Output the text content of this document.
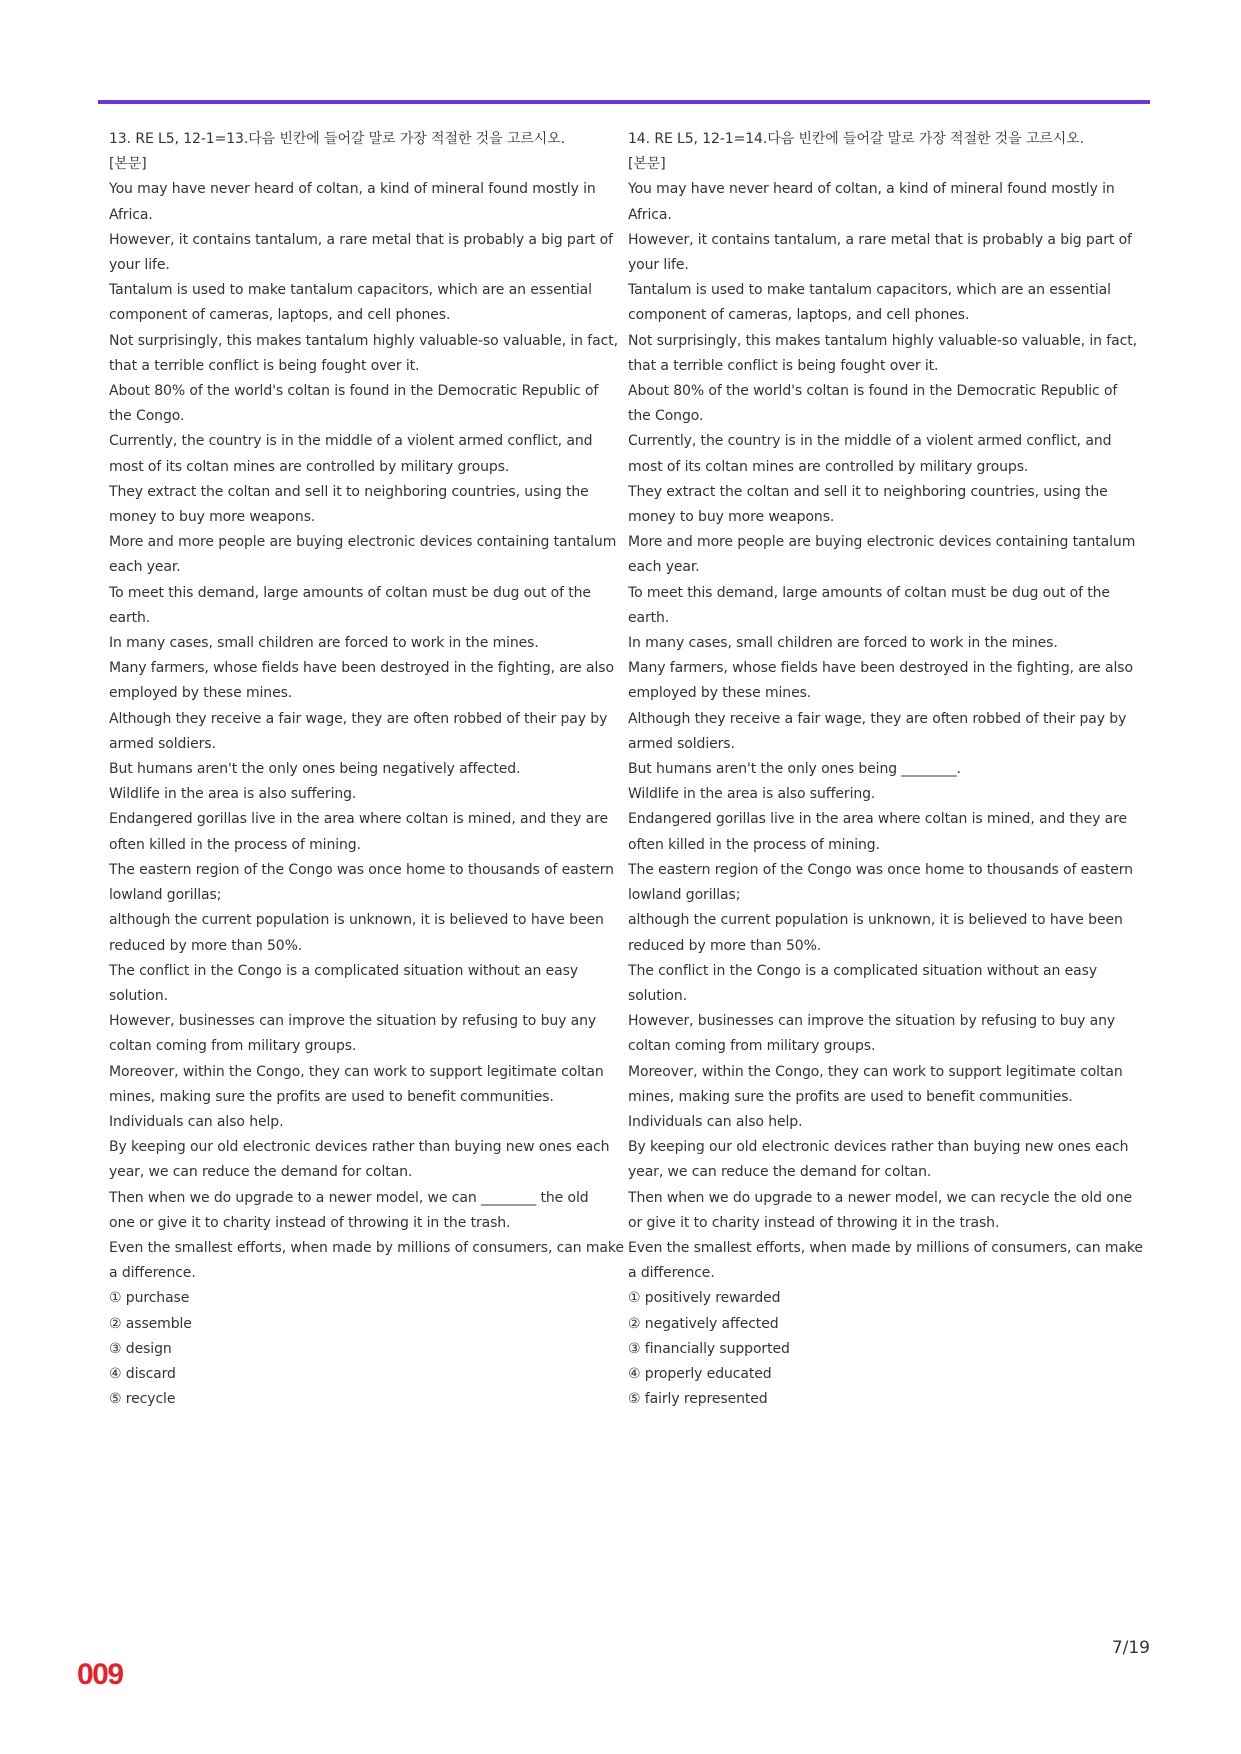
13. RE L5, 12-1=13.다음 빈칸에 들어갈 말로 가장 적절한 것을 고르시오.
[본문]
You may have never heard of coltan, a kind of mineral found mostly in
Africa.
However, it contains tantalum, a rare metal that is probably a big part of
your life.
Tantalum is used to make tantalum capacitors, which are an essential
component of cameras, laptops, and cell phones.
Not surprisingly, this makes tantalum highly valuable-so valuable, in fact,
that a terrible conflict is being fought over it.
About 80% of the world's coltan is found in the Democratic Republic of
the Congo.
Currently, the country is in the middle of a violent armed conflict, and
most of its coltan mines are controlled by military groups.
They extract the coltan and sell it to neighboring countries, using the
money to buy more weapons.
More and more people are buying electronic devices containing tantalum
each year.
To meet this demand, large amounts of coltan must be dug out of the
earth.
In many cases, small children are forced to work in the mines.
Many farmers, whose fields have been destroyed in the fighting, are also
employed by these mines.
Although they receive a fair wage, they are often robbed of their pay by
armed soldiers.
But humans aren't the only ones being negatively affected.
Wildlife in the area is also suffering.
Endangered gorillas live in the area where coltan is mined, and they are
often killed in the process of mining.
The eastern region of the Congo was once home to thousands of eastern
lowland gorillas;
although the current population is unknown, it is believed to have been
reduced by more than 50%.
The conflict in the Congo is a complicated situation without an easy
solution.
However, businesses can improve the situation by refusing to buy any
coltan coming from military groups.
Moreover, within the Congo, they can work to support legitimate coltan
mines, making sure the profits are used to benefit communities.
Individuals can also help.
By keeping our old electronic devices rather than buying new ones each
year, we can reduce the demand for coltan.
Then when we do upgrade to a newer model, we can ________ the old
one or give it to charity instead of throwing it in the trash.
Even the smallest efforts, when made by millions of consumers, can make
a difference.
① purchase
② assemble
③ design
④ discard
⑤ recycle
14. RE L5, 12-1=14.다음 빈칸에 들어갈 말로 가장 적절한 것을 고르시오.
[본문]
You may have never heard of coltan, a kind of mineral found mostly in
Africa.
However, it contains tantalum, a rare metal that is probably a big part of
your life.
Tantalum is used to make tantalum capacitors, which are an essential
component of cameras, laptops, and cell phones.
Not surprisingly, this makes tantalum highly valuable-so valuable, in fact,
that a terrible conflict is being fought over it.
About 80% of the world's coltan is found in the Democratic Republic of
the Congo.
Currently, the country is in the middle of a violent armed conflict, and
most of its coltan mines are controlled by military groups.
They extract the coltan and sell it to neighboring countries, using the
money to buy more weapons.
More and more people are buying electronic devices containing tantalum
each year.
To meet this demand, large amounts of coltan must be dug out of the
earth.
In many cases, small children are forced to work in the mines.
Many farmers, whose fields have been destroyed in the fighting, are also
employed by these mines.
Although they receive a fair wage, they are often robbed of their pay by
armed soldiers.
But humans aren't the only ones being ________.
Wildlife in the area is also suffering.
Endangered gorillas live in the area where coltan is mined, and they are
often killed in the process of mining.
The eastern region of the Congo was once home to thousands of eastern
lowland gorillas;
although the current population is unknown, it is believed to have been
reduced by more than 50%.
The conflict in the Congo is a complicated situation without an easy
solution.
However, businesses can improve the situation by refusing to buy any
coltan coming from military groups.
Moreover, within the Congo, they can work to support legitimate coltan
mines, making sure the profits are used to benefit communities.
Individuals can also help.
By keeping our old electronic devices rather than buying new ones each
year, we can reduce the demand for coltan.
Then when we do upgrade to a newer model, we can recycle the old one
or give it to charity instead of throwing it in the trash.
Even the smallest efforts, when made by millions of consumers, can make
a difference.
① positively rewarded
② negatively affected
③ financially supported
④ properly educated
⑤ fairly represented
7/19
009
